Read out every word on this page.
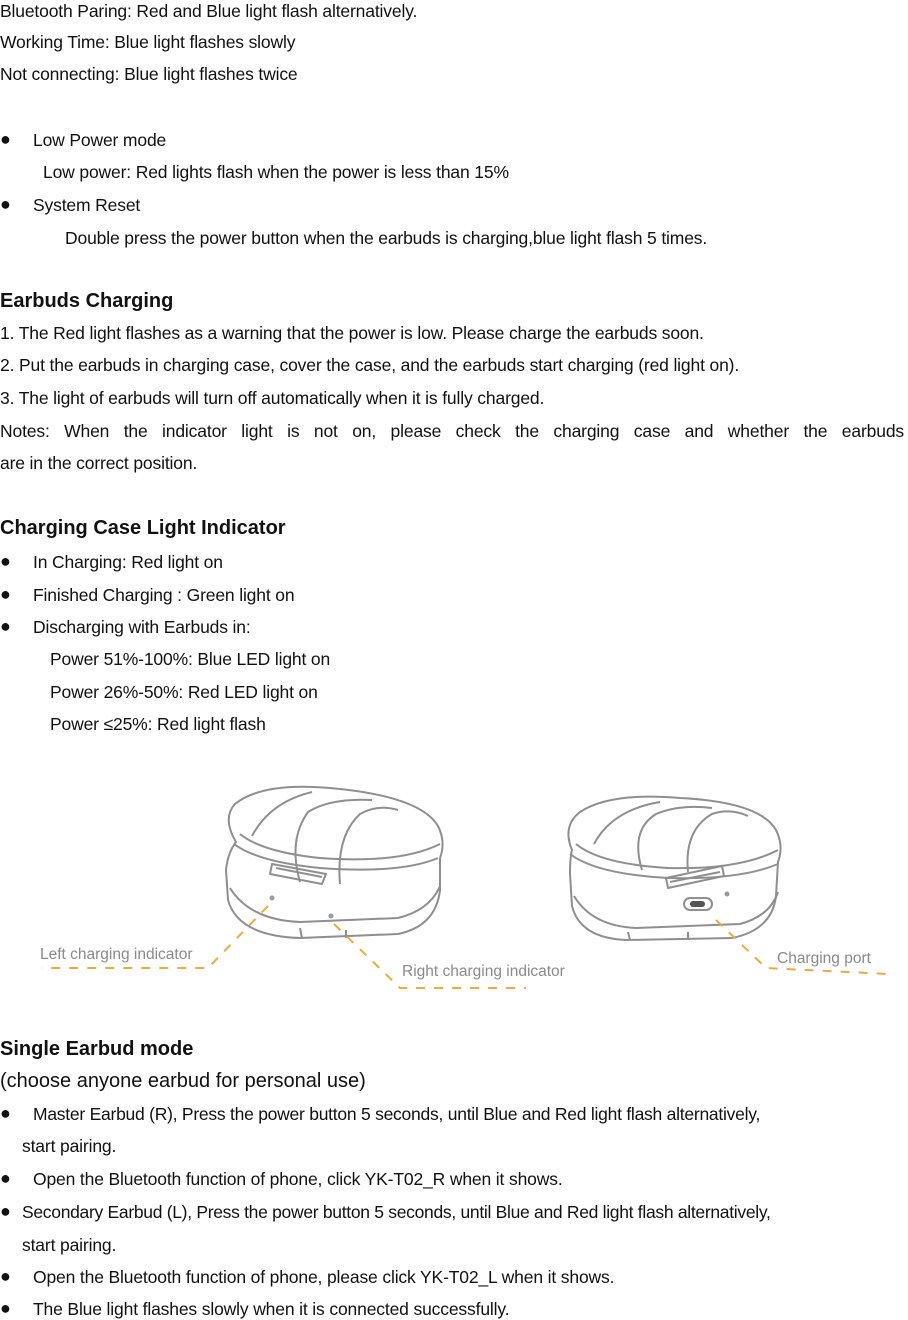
Bluetooth Paring: Red and Blue light flash alternatively.
Working Time: Blue light flashes slowly
Not connecting: Blue light flashes twice
● Low Power mode
Low power: Red lights flash when the power is less than 15%
● System Reset
Double press the power button when the earbuds is charging,blue light flash 5 times.
Earbuds Charging
1. The Red light flashes as a warning that the power is low. Please charge the earbuds soon.
2. Put the earbuds in charging case, cover the case, and the earbuds start charging (red light on).
3. The light of earbuds will turn off automatically when it is fully charged.
Notes: When the indicator light is not on, please check the charging case and whether the earbuds
are in the correct position.
Charging Case Light Indicator
● In Charging: Red light on
● Finished Charging : Green light on
● Discharging with Earbuds in:
Power 51%-100%: Blue LED light on
Power 26%-50%: Red LED light on
Power ≤25%: Red light flash
Left charging indicator
Right charging indicator
Charging port
Single Earbud mode
(choose anyone earbud for personal use)
● Master Earbud (R), Press the power button 5 seconds, until Blue and Red light flash alternatively,
start pairing.
● Open the Bluetooth function of phone, click YK-T02_R when it shows.
● Secondary Earbud (L), Press the power button 5 seconds, until Blue and Red light flash alternatively,
start pairing.
● Open the Bluetooth function of phone, please click YK-T02_L when it shows.
● The Blue light flashes slowly when it is connected successfully.
